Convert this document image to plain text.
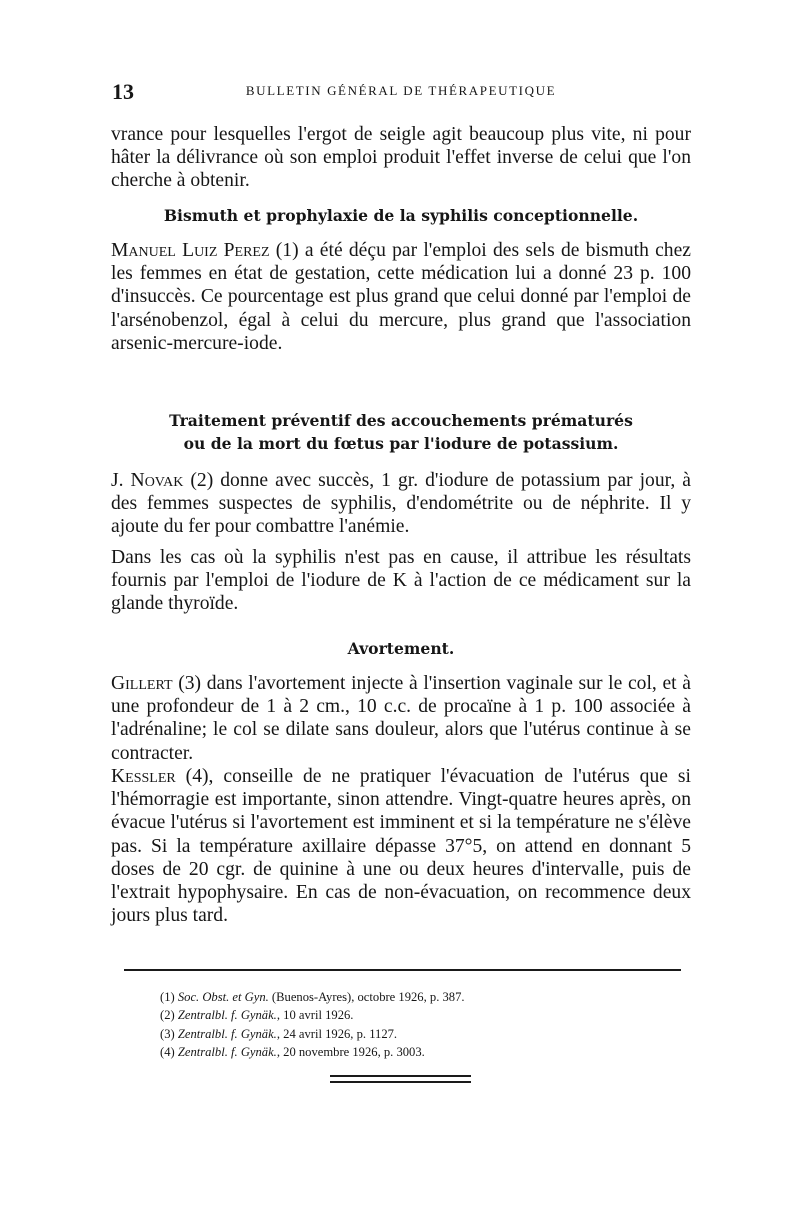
13	BULLETIN GÉNÉRAL DE THÉRAPEUTIQUE

vrance pour lesquelles l'ergot de seigle agit beaucoup plus vite, ni pour hâter la délivrance où son emploi produit l'effet inverse de celui que l'on cherche à obtenir.

Bismuth et prophylaxie de la syphilis conceptionnelle.

Manuel Luiz Perez (1) a été déçu par l'emploi des sels de bismuth chez les femmes en état de gestation, cette médication lui a donné 23 p. 100 d'insuccès. Ce pourcentage est plus grand que celui donné par l'emploi de l'arsénobenzol, égal à celui du mercure, plus grand que l'association arsenic-mercure-iode.

Traitement préventif des accouchements prématurés
ou de la mort du fœtus par l'iodure de potassium.

J. Novak (2) donne avec succès, 1 gr. d'iodure de potassium par jour, à des femmes suspectes de syphilis, d'endométrite ou de néphrite. Il y ajoute du fer pour combattre l'anémie.

Dans les cas où la syphilis n'est pas en cause, il attribue les résultats fournis par l'emploi de l'iodure de K à l'action de ce médicament sur la glande thyroïde.

Avortement.

Gillert (3) dans l'avortement injecte à l'insertion vaginale sur le col, et à une profondeur de 1 à 2 cm., 10 c.c. de procaïne à 1 p. 100 associée à l'adrénaline; le col se dilate sans douleur, alors que l'utérus continue à se contracter.

Kessler (4), conseille de ne pratiquer l'évacuation de l'utérus que si l'hémorragie est importante, sinon attendre. Vingt-quatre heures après, on évacue l'utérus si l'avortement est imminent et si la température ne s'élève pas. Si la température axillaire dépasse 37°5, on attend en donnant 5 doses de 20 cgr. de quinine à une ou deux heures d'intervalle, puis de l'extrait hypophysaire. En cas de non-évacuation, on recommence deux jours plus tard.

(1) Soc. Obst. et Gyn. (Buenos-Ayres), octobre 1926, p. 387.
(2) Zentralbl. f. Gynäk., 10 avril 1926.
(3) Zentralbl. f. Gynäk., 24 avril 1926, p. 1127.
(4) Zentralbl. f. Gynäk., 20 novembre 1926, p. 3003.
